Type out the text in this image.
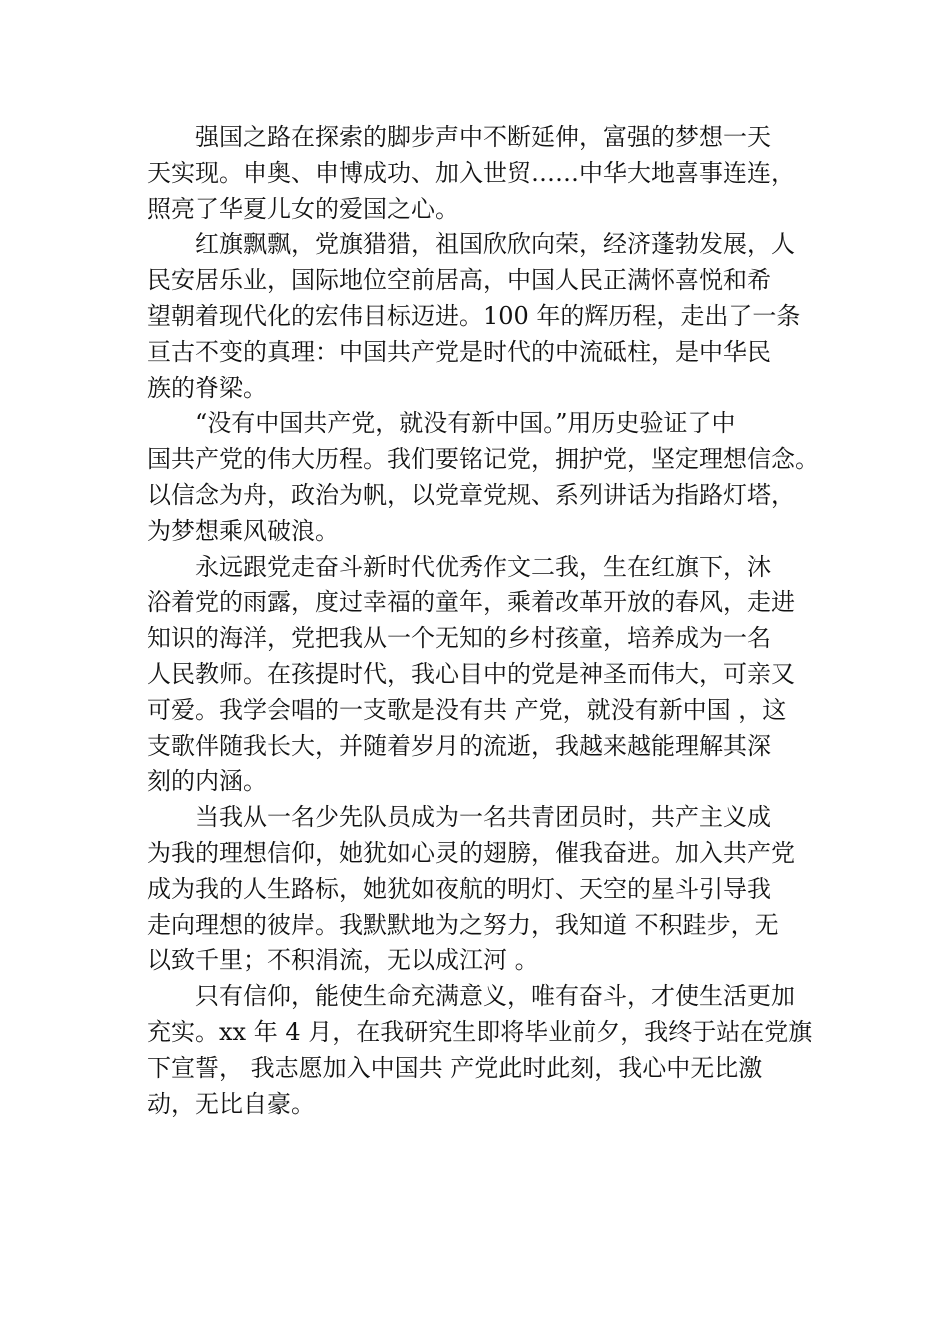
　　强国之路在探索的脚步声中不断延伸，富强的梦想一天
天实现。申奥、申博成功、加入世贸……中华大地喜事连连，
照亮了华夏儿女的爱国之心。
　　红旗飘飘，党旗猎猎，祖国欣欣向荣，经济蓬勃发展，人
民安居乐业，国际地位空前居高，中国人民正满怀喜悦和希
望朝着现代化的宏伟目标迈进。100 年的辉历程，走出了一条
亘古不变的真理：中国共产党是时代的中流砥柱，是中华民
族的脊梁。
　　“没有中国共产党，就没有新中国。”用历史验证了中
国共产党的伟大历程。我们要铭记党，拥护党，坚定理想信念。
以信念为舟，政治为帆，以党章党规、系列讲话为指路灯塔，
为梦想乘风破浪。
　　永远跟党走奋斗新时代优秀作文二我，生在红旗下，沐
浴着党的雨露，度过幸福的童年，乘着改革开放的春风，走进
知识的海洋，党把我从一个无知的乡村孩童，培养成为一名
人民教师。在孩提时代，我心目中的党是神圣而伟大，可亲又
可爱。我学会唱的一支歌是没有共 产党，就没有新中国 ，这
支歌伴随我长大，并随着岁月的流逝，我越来越能理解其深
刻的内涵。
　　当我从一名少先队员成为一名共青团员时，共产主义成
为我的理想信仰，她犹如心灵的翅膀，催我奋进。加入共产党
成为我的人生路标，她犹如夜航的明灯、天空的星斗引导我
走向理想的彼岸。我默默地为之努力，我知道 不积跬步，无
以致千里；不积涓流，无以成江河 。
　　只有信仰，能使生命充满意义，唯有奋斗，才使生活更加
充实。xx 年 4 月，在我研究生即将毕业前夕，我终于站在党旗
下宣誓， 我志愿加入中国共 产党此时此刻，我心中无比激
动，无比自豪。
